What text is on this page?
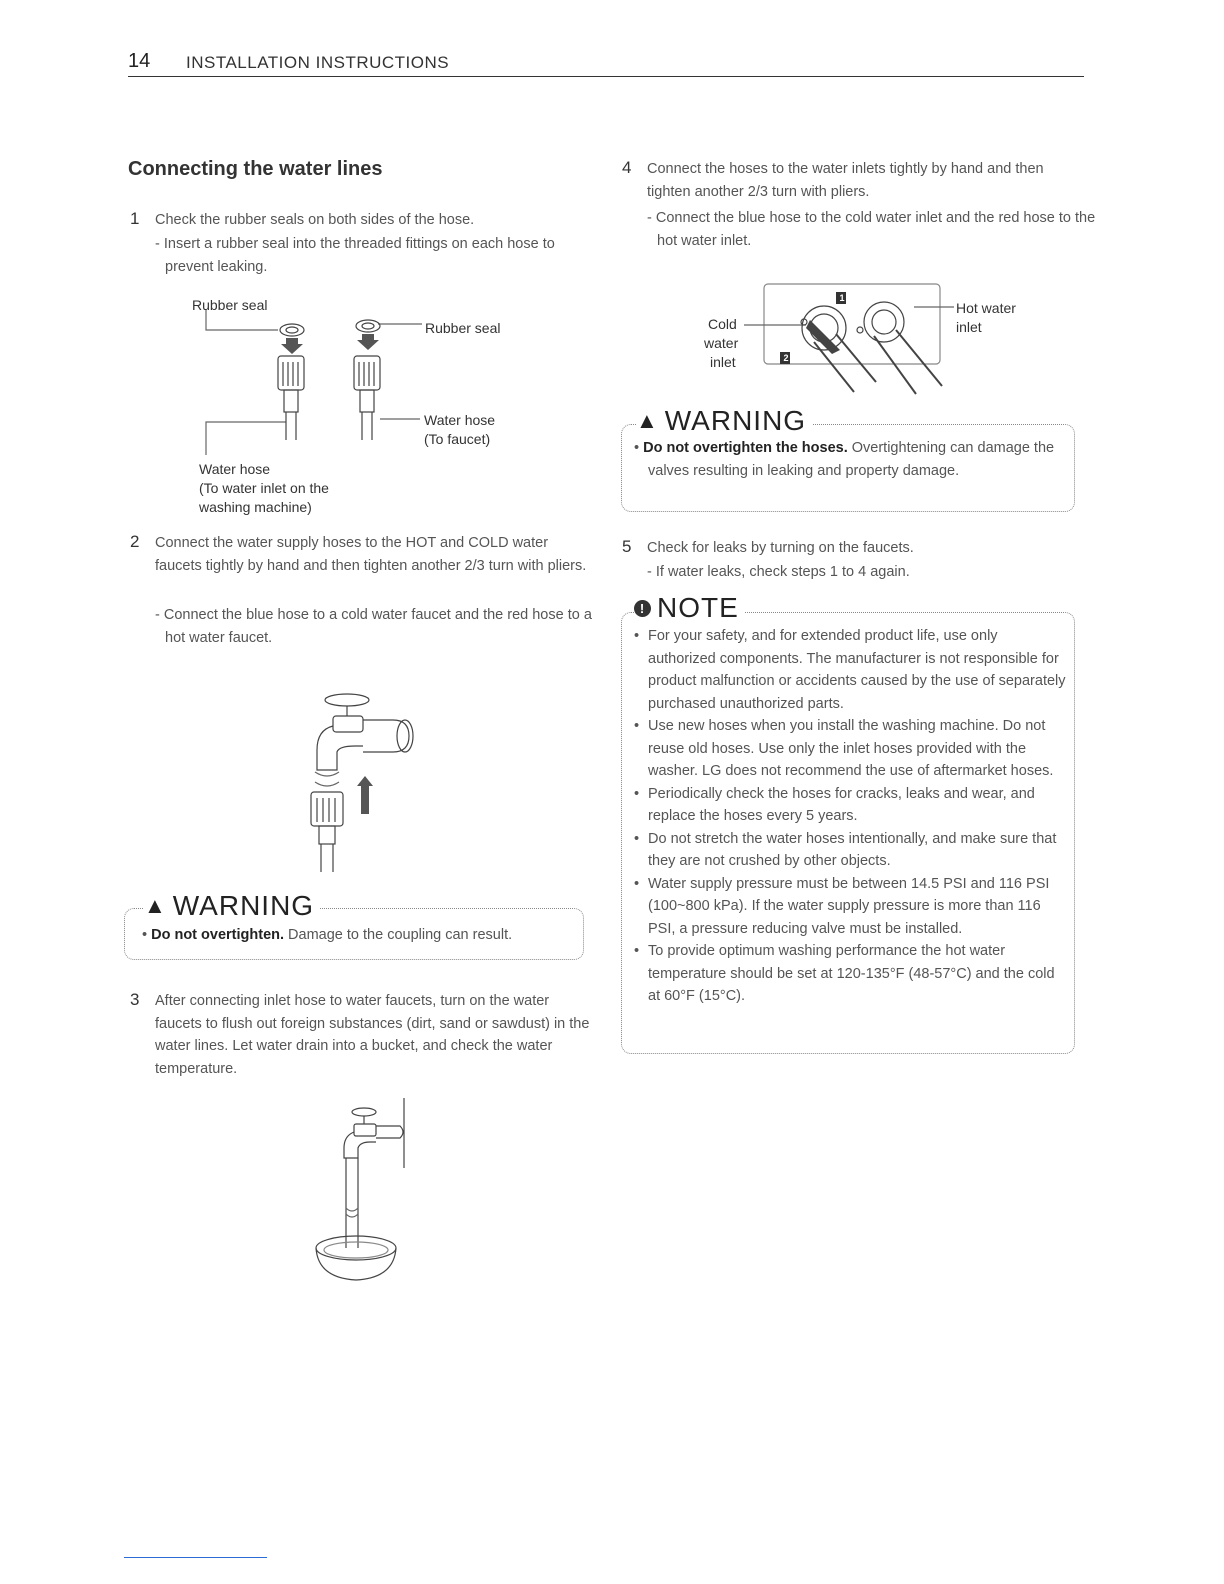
14 INSTALLATION INSTRUCTIONS
Connecting the water lines
1 Check the rubber seals on both sides of the hose.
- Insert a rubber seal into the threaded fittings on each hose to prevent leaking.
Rubber seal
Rubber seal
Water hose
(To faucet)
Water hose
(To water inlet on the
washing machine)
2 Connect the water supply hoses to the HOT and COLD water faucets tightly by hand and then tighten another 2/3 turn with pliers.
- Connect the blue hose to a cold water faucet and the red hose to a hot water faucet.
▲ WARNING
• Do not overtighten. Damage to the coupling can result.
3 After connecting inlet hose to water faucets, turn on the water faucets to flush out foreign substances (dirt, sand or sawdust) in the water lines. Let water drain into a bucket, and check the water temperature.
4 Connect the hoses to the water inlets tightly by hand and then tighten another 2/3 turn with pliers.
- Connect the blue hose to the cold water inlet and the red hose to the hot water inlet.
Cold
water
inlet
Hot water
inlet
1
2
▲ WARNING
• Do not overtighten the hoses. Overtightening can damage the valves resulting in leaking and property damage.
5 Check for leaks by turning on the faucets.
- If water leaks, check steps 1 to 4 again.
! NOTE
• For your safety, and for extended product life, use only authorized components. The manufacturer is not responsible for product malfunction or accidents caused by the use of separately purchased unauthorized parts.
• Use new hoses when you install the washing machine. Do not reuse old hoses. Use only the inlet hoses provided with the washer. LG does not recommend the use of aftermarket hoses.
• Periodically check the hoses for cracks, leaks and wear, and replace the hoses every 5 years.
• Do not stretch the water hoses intentionally, and make sure that they are not crushed by other objects.
• Water supply pressure must be between 14.5 PSI and 116 PSI (100~800 kPa). If the water supply pressure is more than 116 PSI, a pressure reducing valve must be installed.
• To provide optimum washing performance the hot water temperature should be set at 120-135°F (48-57°C) and the cold at 60°F (15°C).
